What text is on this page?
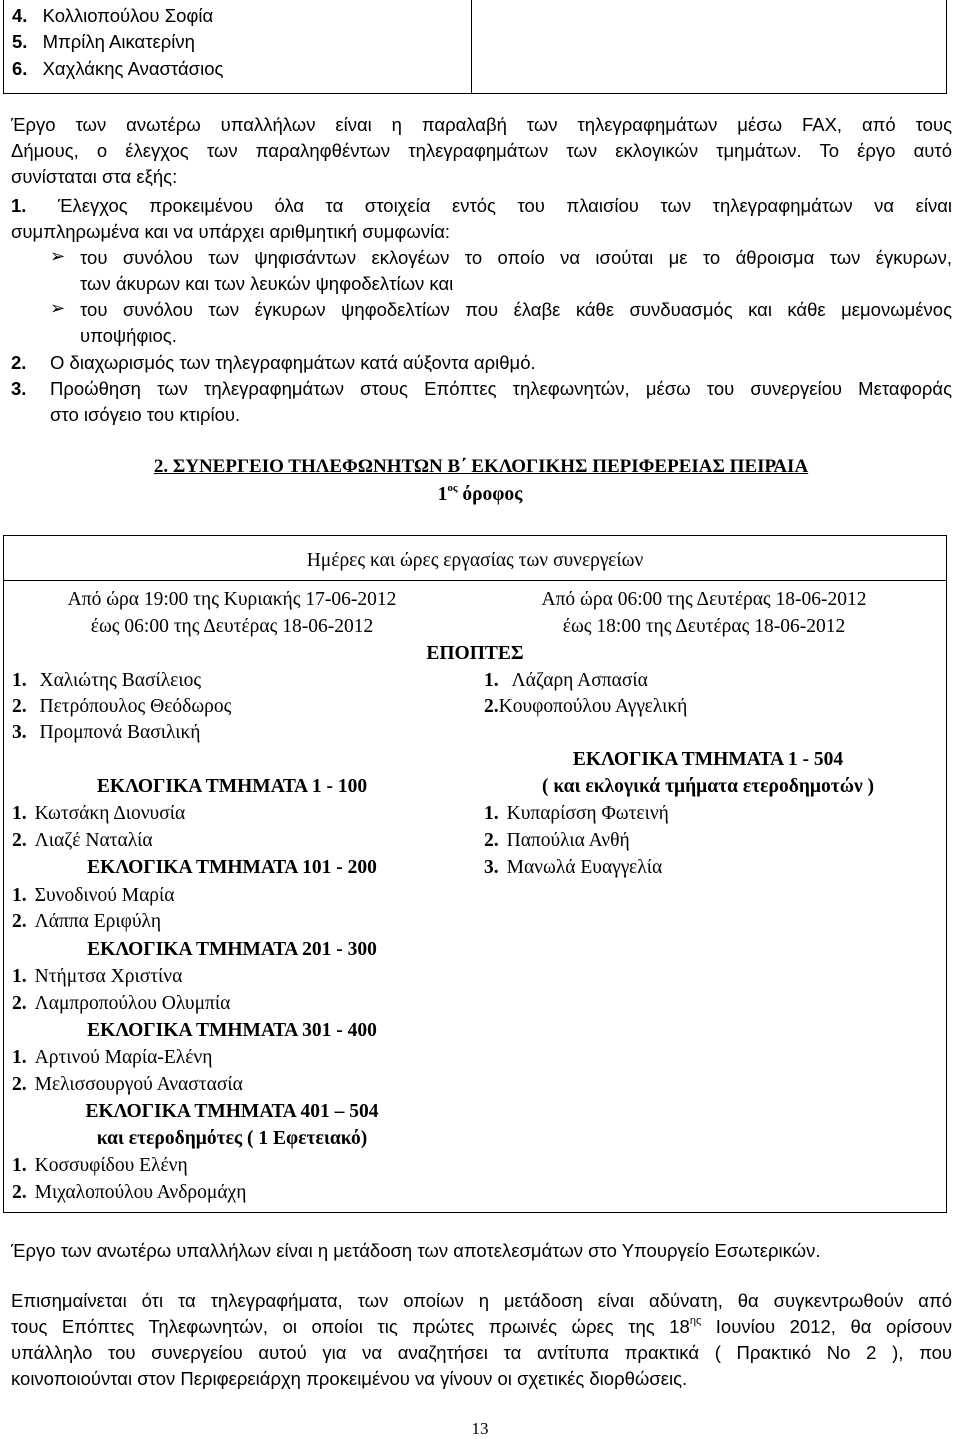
4. Κολλιοπούλου Σοφία
5. Μπρίλη Αικατερίνη
6. Χαχλάκης Αναστάσιος
Έργο των ανωτέρω υπαλλήλων είναι η παραλαβή των τηλεγραφημάτων μέσω FAX, από τους
Δήμους, ο έλεγχος των παραληφθέντων τηλεγραφημάτων των εκλογικών τμημάτων. Το έργο αυτό
συνίσταται στα εξής:
1. Έλεγχος προκειμένου όλα τα στοιχεία εντός του πλαισίου των τηλεγραφημάτων να είναι
συμπληρωμένα και να υπάρχει αριθμητική συμφωνία:
➢ του συνόλου των ψηφισάντων εκλογέων το οποίο να ισούται με το άθροισμα των έγκυρων,
των άκυρων και των λευκών ψηφοδελτίων και
➢ του συνόλου των έγκυρων ψηφοδελτίων που έλαβε κάθε συνδυασμός και κάθε μεμονωμένος
υποψήφιος.
2. Ο διαχωρισμός των τηλεγραφημάτων κατά αύξοντα αριθμό.
3. Προώθηση των τηλεγραφημάτων στους Επόπτες τηλεφωνητών, μέσω του συνεργείου Μεταφοράς
στο ισόγειο του κτιρίου.
2. ΣΥΝΕΡΓΕΙΟ ΤΗΛΕΦΩΝΗΤΩΝ Β΄ ΕΚΛΟΓΙΚΗΣ ΠΕΡΙΦΕΡΕΙΑΣ ΠΕΙΡΑΙΑ
$1^{o\varsigma}$ όροφος
Ημέρες και ώρες εργασίας των συνεργείων
Από ώρα 19:00 της Κυριακής 17-06-2012
έως 06:00 της Δευτέρας 18-06-2012
Από ώρα 06:00 της Δευτέρας 18-06-2012
έως 18:00 της Δευτέρας 18-06-2012
ΕΠΟΠΤΕΣ
1. Χαλιώτης Βασίλειος
2. Πετρόπουλος Θεόδωρος
3. Προμπονά Βασιλική
1. Λάζαρη Ασπασία
2.Κουφοπούλου Αγγελική
ΕΚΛΟΓΙΚΑ ΤΜΗΜΑΤΑ 1 - 100
1. Κωτσάκη Διονυσία
2. Λιαζέ Ναταλία
ΕΚΛΟΓΙΚΑ ΤΜΗΜΑΤΑ 101 - 200
1. Συνοδινού Μαρία
2. Λάππα Εριφύλη
ΕΚΛΟΓΙΚΑ ΤΜΗΜΑΤΑ 201 - 300
1. Ντήμτσα Χριστίνα
2. Λαμπροπούλου Ολυμπία
ΕΚΛΟΓΙΚΑ ΤΜΗΜΑΤΑ 301 - 400
1. Αρτινού Μαρία-Ελένη
2. Μελισσουργού Αναστασία
ΕΚΛΟΓΙΚΑ ΤΜΗΜΑΤΑ 401 – 504
και ετεροδημότες ( 1 Εφετειακό)
1. Κοσσυφίδου Ελένη
2. Μιχαλοπούλου Ανδρομάχη
ΕΚΛΟΓΙΚΑ ΤΜΗΜΑΤΑ 1 - 504
( και εκλογικά τμήματα ετεροδημοτών )
1. Κυπαρίσση Φωτεινή
2. Παπούλια Ανθή
3. Μανωλά Ευαγγελία
Έργο των ανωτέρω υπαλλήλων είναι η μετάδοση των αποτελεσμάτων στο Υπουργείο Εσωτερικών.
Επισημαίνεται ότι τα τηλεγραφήματα, των οποίων η μετάδοση είναι αδύνατη, θα συγκεντρωθούν από
τους Επόπτες Τηλεφωνητών, οι οποίοι τις πρώτες πρωινές ώρες της $18^{\eta\varsigma}$ Ιουνίου 2012, θα ορίσουν
υπάλληλο του συνεργείου αυτού για να αναζητήσει τα αντίτυπα πρακτικά ( Πρακτικό Νο 2 ), που
κοινοποιούνται στον Περιφερειάρχη προκειμένου να γίνουν οι σχετικές διορθώσεις.
13
